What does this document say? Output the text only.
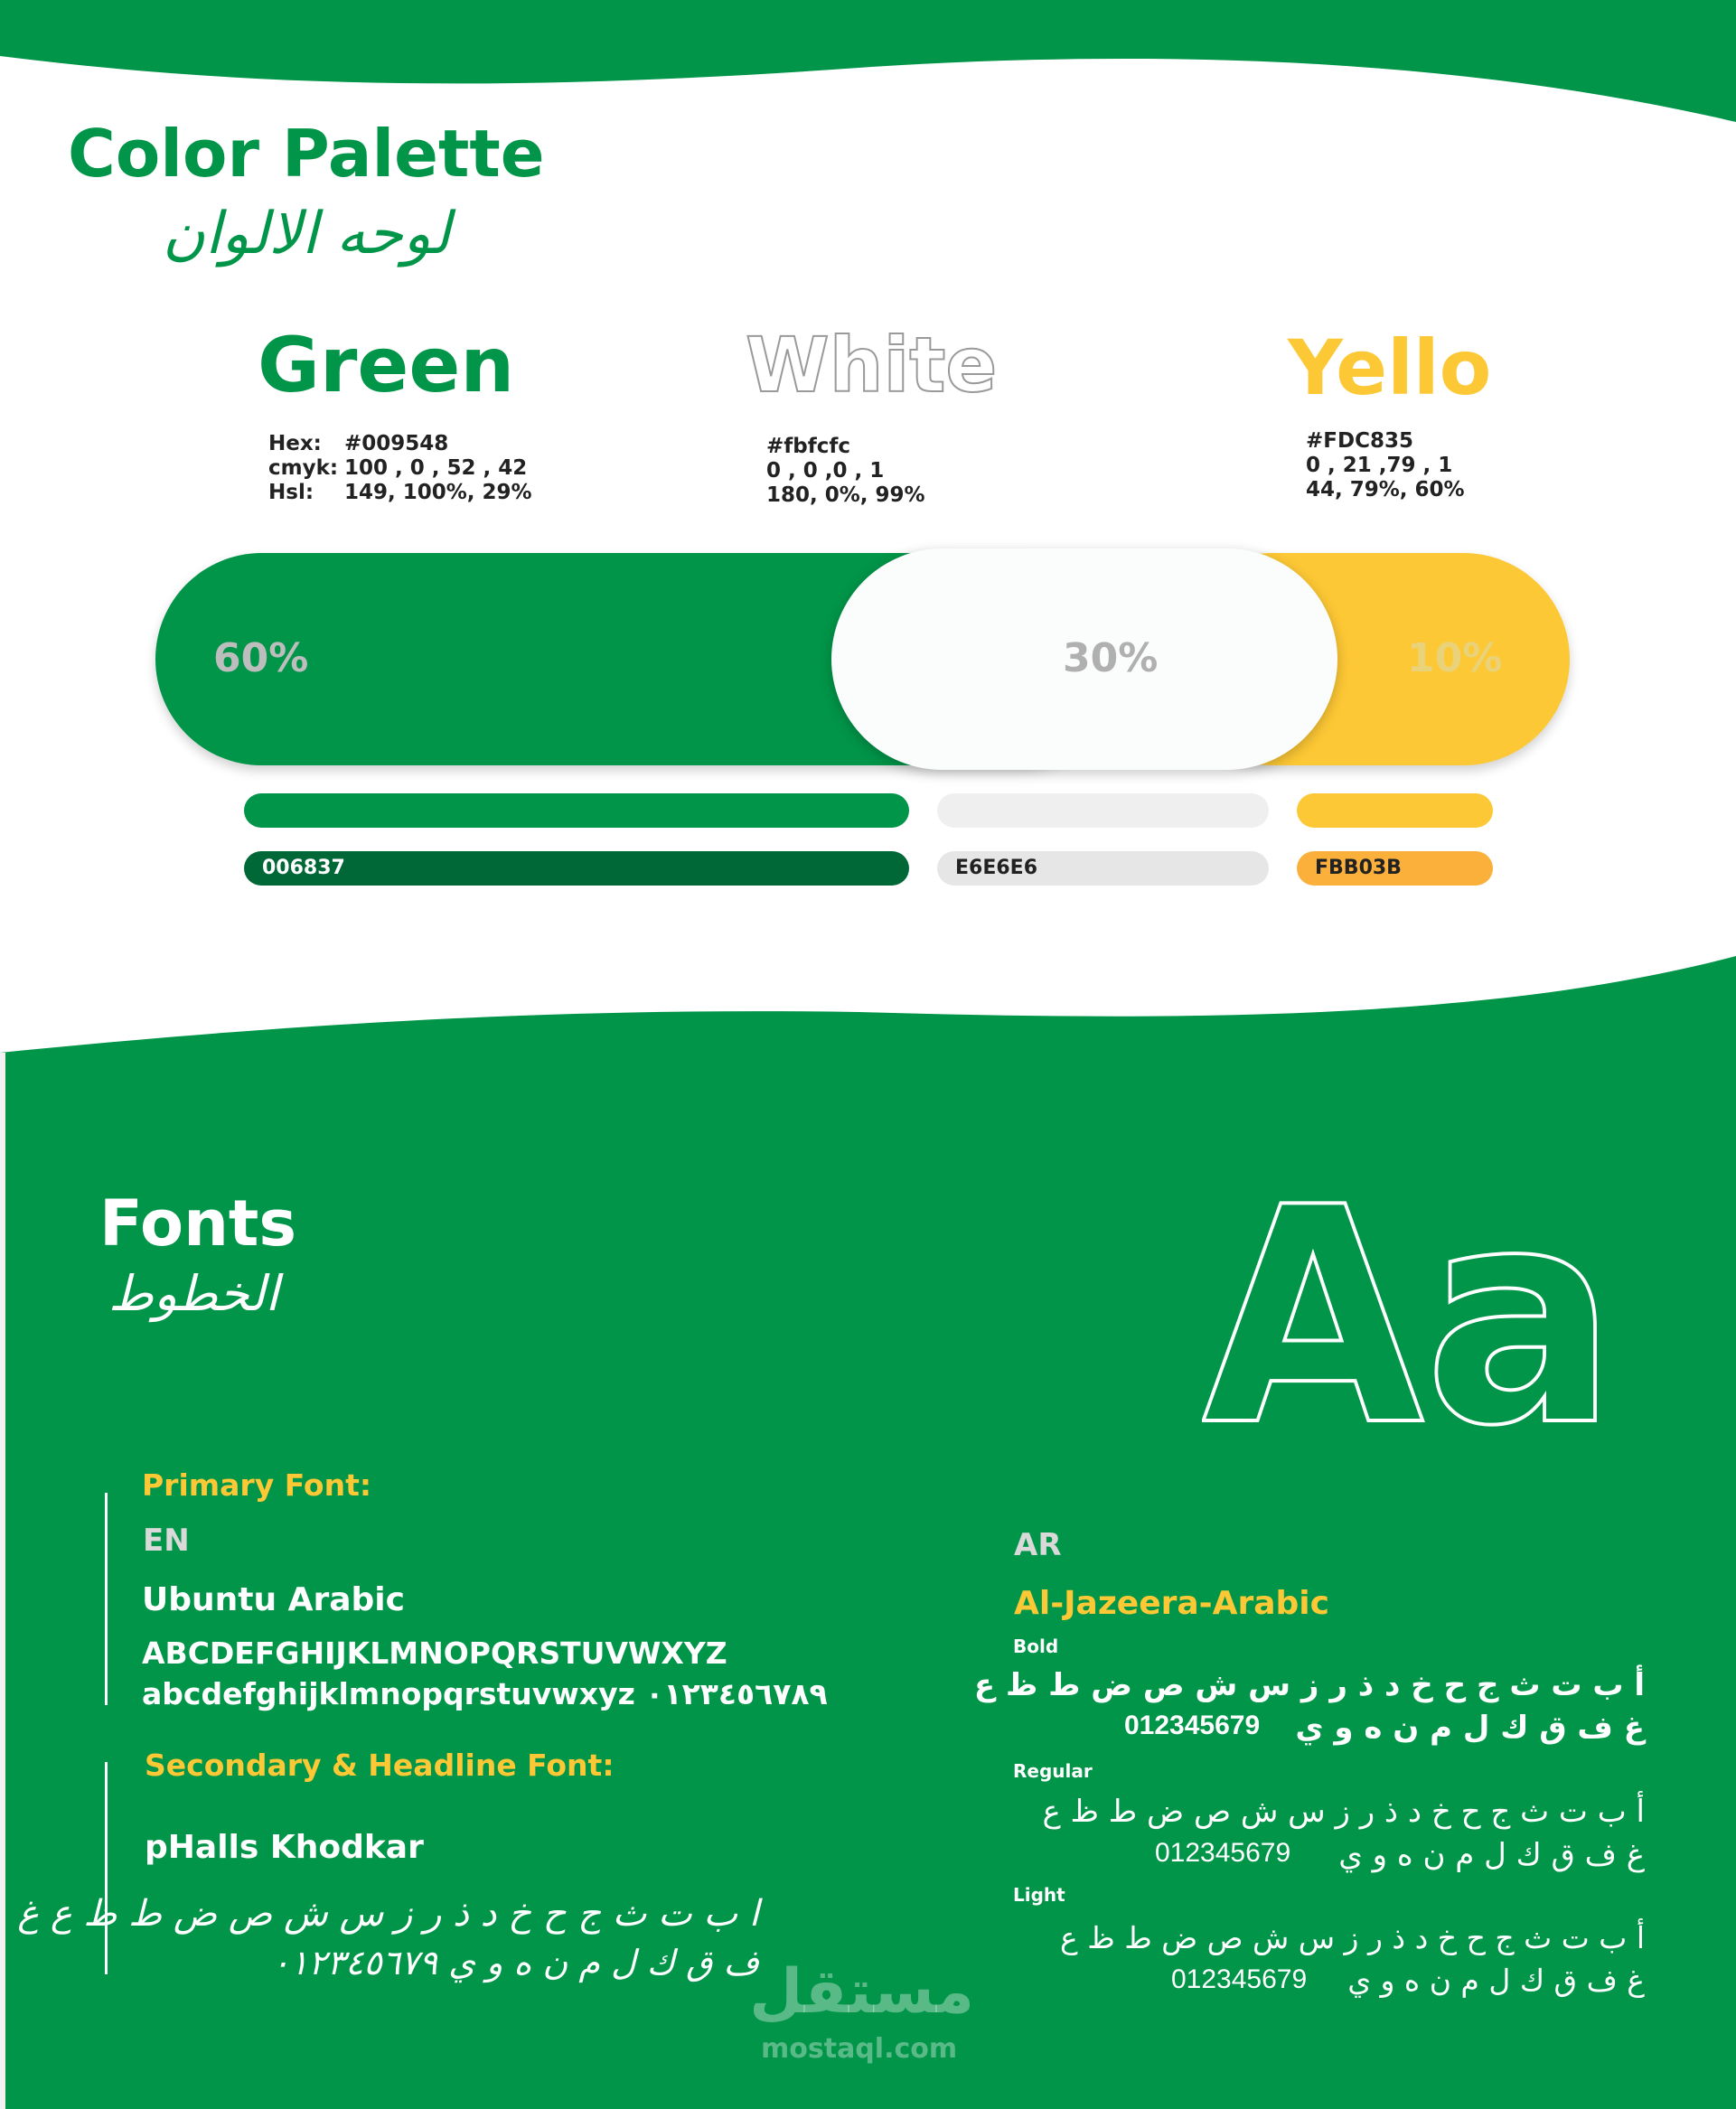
Color Palette
لوحه الالوان
Green	White	Yello
Hex: #009548
cmyk: 100 , 0 , 52 , 42
Hsl: 149, 100%, 29%
#fbfcfc
0 , 0 ,0 , 1
180, 0%, 99%
#FDC835
0 , 21 ,79 , 1
44, 79%, 60%
60%	30%	10%
006837	E6E6E6	FBB03B
Fonts
الخطوط	Aa
Primary Font:
EN
Ubuntu Arabic
ABCDEFGHIJKLMNOPQRSTUVWXYZ
abcdefghijklmnopqrstuvwxyz ٠١٢٣٤٥٦٧٨٩
Secondary & Headline Font:
pHalls Khodkar
ا ب ت ث ج ح خ د ذ ر ز س ش ص ض ط ظ ع غ
ف ق ك ل م ن ه و ي ٠١٢٣٤٥٦٧٩
AR
Al-Jazeera-Arabic
Bold
أ ب ت ث ج ح خ د ذ ر ز س ش ص ض ط ظ ع
غ ف ق ك ل م ن ه و ي
012345679
Regular
أ ب ت ث ج ح خ د ذ ر ز س ش ص ض ط ظ ع
غ ف ق ك ل م ن ه و ي
012345679
Light
أ ب ت ث ج ح خ د ذ ر ز س ش ص ض ط ظ ع
غ ف ق ك ل م ن ه و ي
012345679
مستقل
mostaql.com
